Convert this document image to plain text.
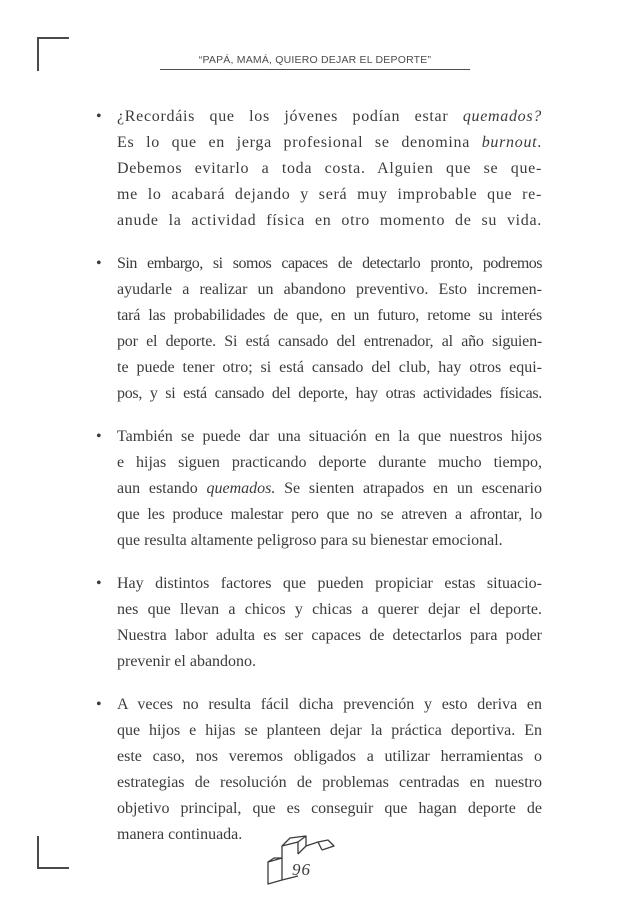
“PAPÁ, MAMÁ, QUIERO DEJAR EL DEPORTE”
• ¿Recordáis que los jóvenes podían estar quemados?
Es lo que en jerga profesional se denomina burnout.
Debemos evitarlo a toda costa. Alguien que se que-
me lo acabará dejando y será muy improbable que re-
anude la actividad física en otro momento de su vida.
• Sin embargo, si somos capaces de detectarlo pronto, podremos
ayudarle a realizar un abandono preventivo. Esto incremen-
tará las probabilidades de que, en un futuro, retome su interés
por el deporte. Si está cansado del entrenador, al año siguien-
te puede tener otro; si está cansado del club, hay otros equi-
pos, y si está cansado del deporte, hay otras actividades físicas.
• También se puede dar una situación en la que nuestros hijos
e hijas siguen practicando deporte durante mucho tiempo,
aun estando quemados. Se sienten atrapados en un escenario
que les produce malestar pero que no se atreven a afrontar, lo
que resulta altamente peligroso para su bienestar emocional.
• Hay distintos factores que pueden propiciar estas situacio-
nes que llevan a chicos y chicas a querer dejar el deporte.
Nuestra labor adulta es ser capaces de detectarlos para poder
prevenir el abandono.
• A veces no resulta fácil dicha prevención y esto deriva en
que hijos e hijas se planteen dejar la práctica deportiva. En
este caso, nos veremos obligados a utilizar herramientas o
estrategias de resolución de problemas centradas en nuestro
objetivo principal, que es conseguir que hagan deporte de
manera continuada.
96
